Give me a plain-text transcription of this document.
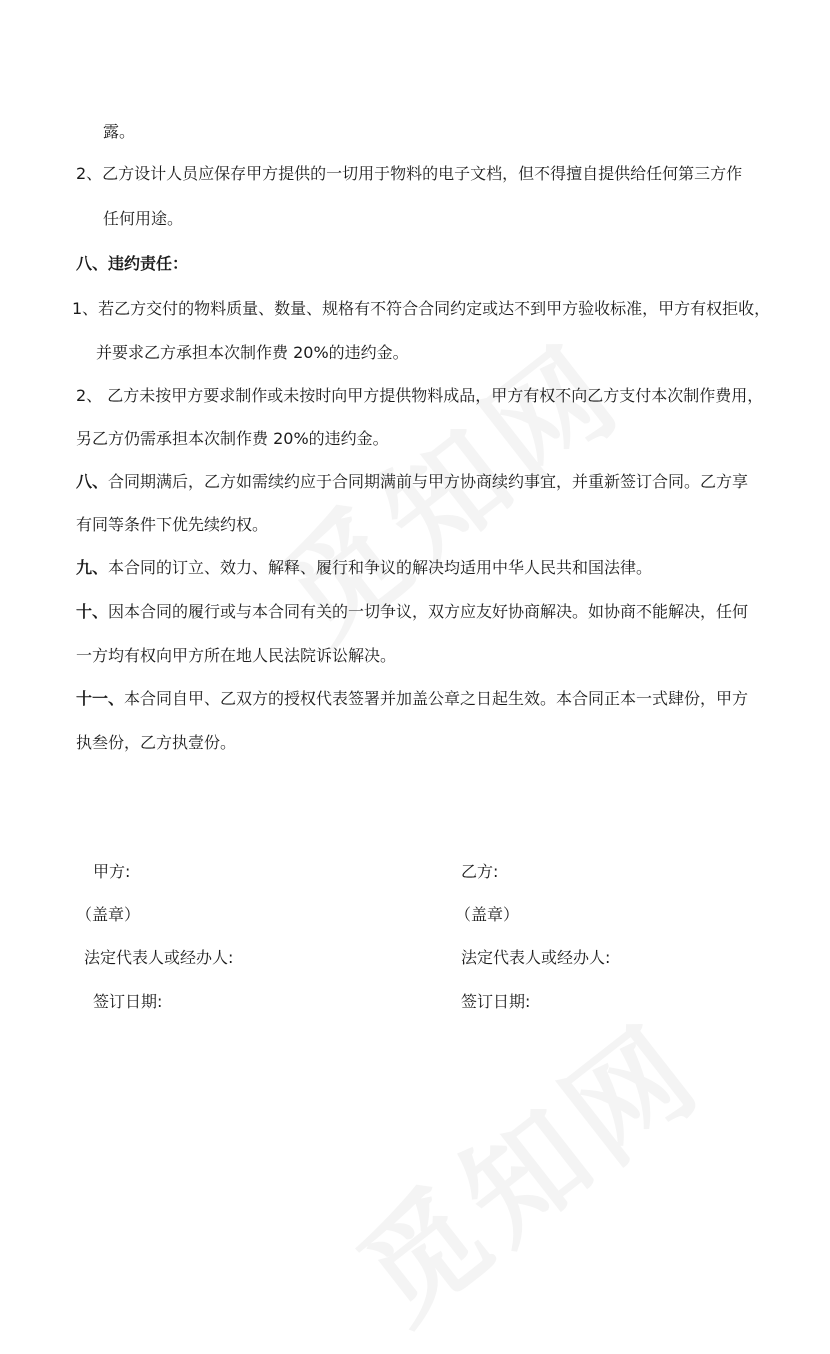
露。
2、乙方设计人员应保存甲方提供的一切用于物料的电子文档，但不得擅自提供给任何第三方作
任何用途。
八、违约责任：
1、若乙方交付的物料质量、数量、规格有不符合合同约定或达不到甲方验收标准，甲方有权拒收，
并要求乙方承担本次制作费 20%的违约金。
2、 乙方未按甲方要求制作或未按时向甲方提供物料成品，甲方有权不向乙方支付本次制作费用，
另乙方仍需承担本次制作费 20%的违约金。
八、合同期满后，乙方如需续约应于合同期满前与甲方协商续约事宜，并重新签订合同。乙方享
有同等条件下优先续约权。
九、本合同的订立、效力、解释、履行和争议的解决均适用中华人民共和国法律。
十、因本合同的履行或与本合同有关的一切争议，双方应友好协商解决。如协商不能解决，任何
一方均有权向甲方所在地人民法院诉讼解决。
十一、本合同自甲、乙双方的授权代表签署并加盖公章之日起生效。本合同正本一式肆份，甲方
执叁份，乙方执壹份。
甲方:	乙方:
（盖章）	（盖章）
法定代表人或经办人:	法定代表人或经办人:
签订日期:	签订日期:
